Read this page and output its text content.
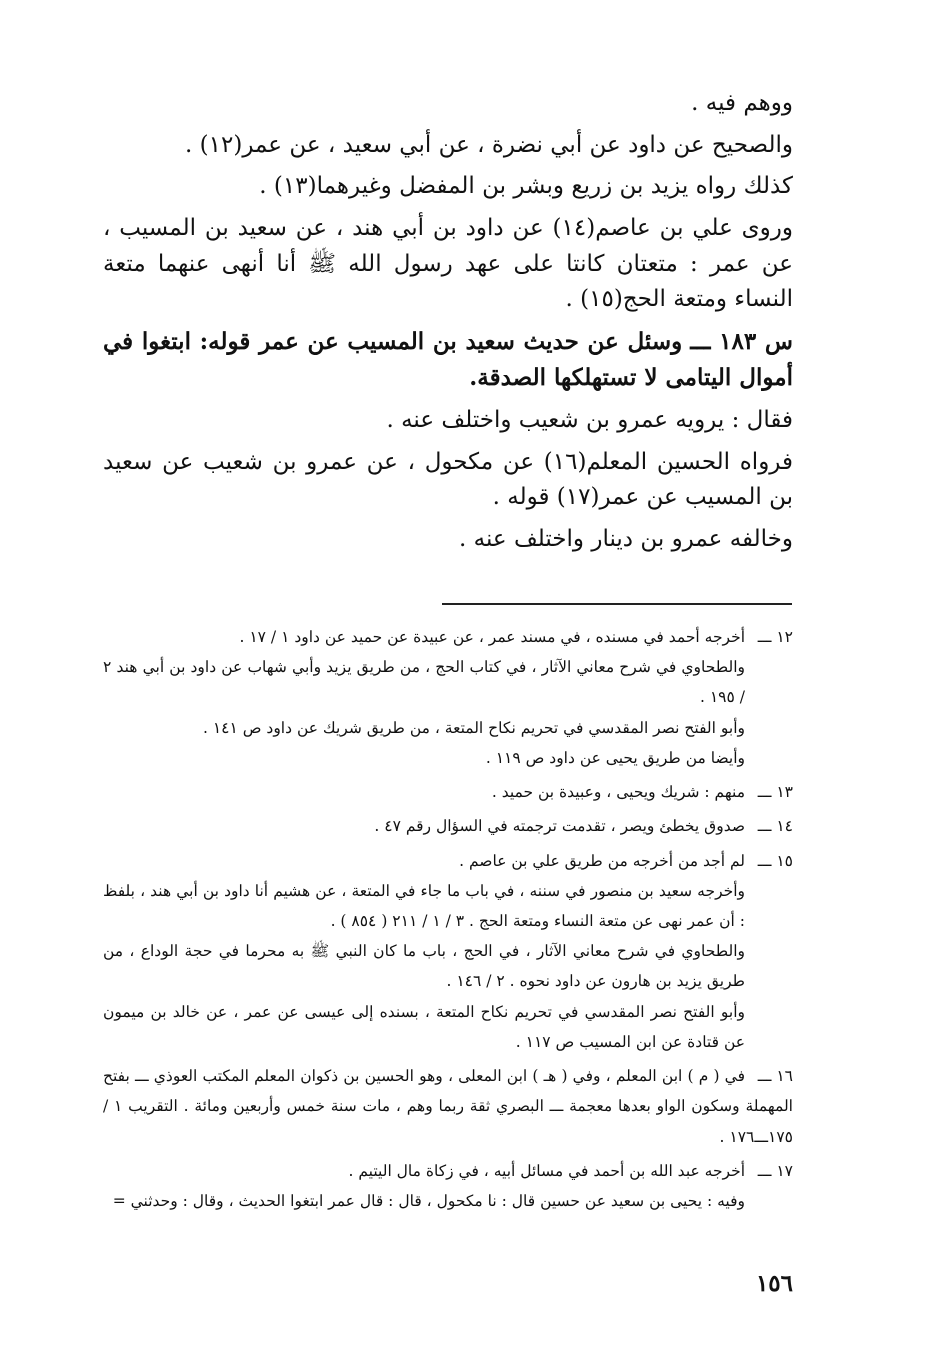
ووهم فيه .

والصحيح عن داود عن أبي نضرة ، عن أبي سعيد ، عن عمر(١٢) .

كذلك رواه يزيد بن زريع وبشر بن المفضل وغيرهما(١٣) .

وروى علي بن عاصم(١٤) عن داود بن أبي هند ، عن سعيد بن المسيب ، عن عمر : متعتان كانتا على عهد رسول الله ﷺ أنا أنهى عنهما متعة النساء ومتعة الحج(١٥) .

س ١٨٣ ـــ وسئل عن حديث سعيد بن المسيب عن عمر قوله: ابتغوا في أموال اليتامى لا تستهلكها الصدقة.

فقال : يرويه عمرو بن شعيب واختلف عنه .

فرواه الحسين المعلم(١٦) عن مكحول ، عن عمرو بن شعيب عن سعيد بن المسيب عن عمر(١٧) قوله .

وخالفه عمرو بن دينار واختلف عنه .

١٢ ـــأخرجه أحمد في مسنده ، في مسند عمر ، عن عبيدة عن حميد عن داود ١ / ١٧ .
والطحاوي في شرح معاني الآثار ، في كتاب الحج ، من طريق يزيد وأبي شهاب عن داود بن أبي هند ٢ / ١٩٥ .
وأبو الفتح نصر المقدسي في تحريم نكاح المتعة ، من طريق شريك عن داود ص ١٤١ .
وأيضا من طريق يحيى عن داود ص ١١٩ .
١٣ ـــمنهم : شريك ويحيى ، وعبيدة بن حميد .
١٤ ـــصدوق يخطئ ويصر ، تقدمت ترجمته في السؤال رقم ٤٧ .
١٥ ـــلم أجد من أخرجه من طريق علي بن عاصم .
وأخرجه سعيد بن منصور في سننه ، في باب ما جاء في المتعة ، عن هشيم أنا داود بن أبي هند ، بلفظ : أن عمر نهى عن متعة النساء ومتعة الحج . ٣ / ١ / ٢١١ ( ٨٥٤ ) .
والطحاوي في شرح معاني الآثار ، في الحج ، باب ما كان النبي ﷺ به محرما في حجة الوداع ، من طريق يزيد بن هارون عن داود نحوه . ٢ / ١٤٦ .
وأبو الفتح نصر المقدسي في تحريم نكاح المتعة ، بسنده إلى عيسى عن عمر ، عن خالد بن ميمون عن قتادة عن ابن المسيب ص ١١٧ .
١٦ ـــفي ( م ) ابن المعلم ، وفي ( هـ ) ابن المعلى ، وهو الحسين بن ذكوان المعلم المكتب العوذي ـــ بفتح المهملة وسكون الواو بعدها معجمة ـــ البصري ثقة ربما وهم ، مات سنة خمس وأربعين ومائة . التقريب ١ / ١٧٥ـــ١٧٦ .
١٧ ـــأخرجه عبد الله بن أحمد في مسائل أبيه ، في زكاة مال اليتيم .
وفيه : يحيى بن سعيد عن حسين قال : نا مكحول ، قال : قال عمر ابتغوا الحديث ، وقال : وحدثني =
١٥٦
